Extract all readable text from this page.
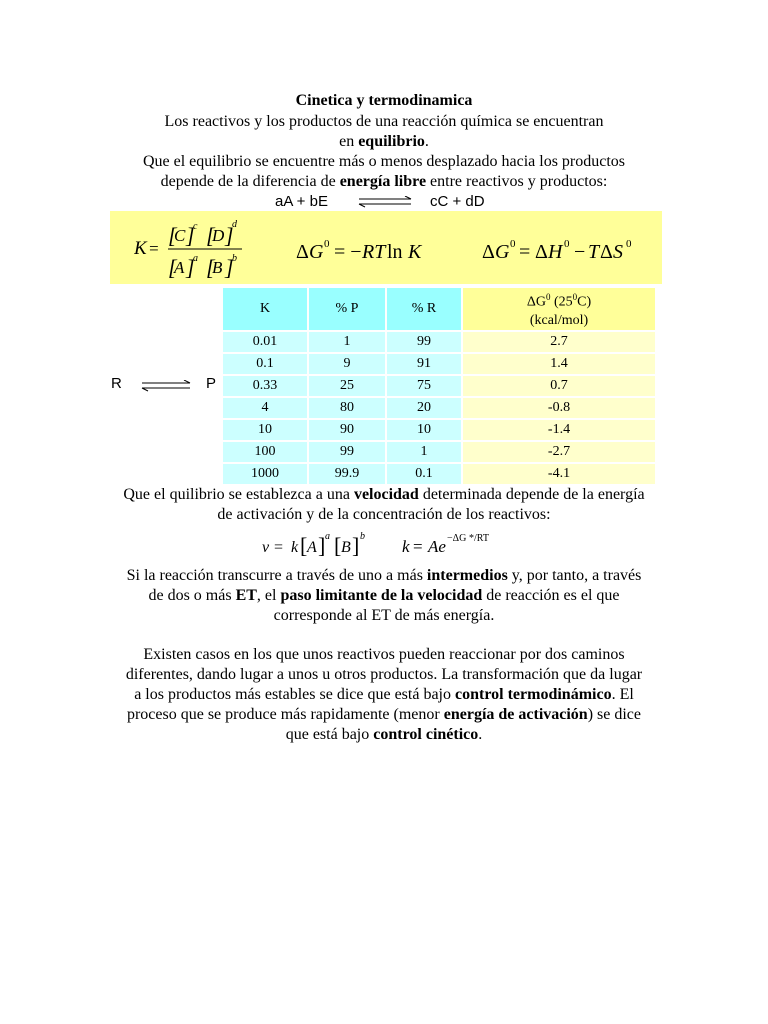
Cinetica y termodinamica

Los reactivos y los productos de una reacción química se encuentran

en equilibrio.

Que el equilibrio se encuentre más o menos desplazado hacia los productos

depende de la diferencia de energía libre entre reactivos y productos:

aA + bE ⇌ cC + dD
K =
[
C ]
c [
D ]
d
[
A ]
a [
B ]
b	Δ G 0 = − RT ln K	Δ G 0 = Δ H 0 − T Δ S 0
R ⇌ P
K	% P	% R	$\Delta G^0$ $(25^0C)$
(kcal/mol)

0.01	1	99	2.7
0.1	9	91	1.4
0.33	25	75	0.7
4	80	20	-0.8
10	90	10	-1.4
100	99	1	-2.7
1000	99.9	0.1	-4.1

Que el quilibrio se establezca a una velocidad determinada depende de la energía

de activación y de la concentración de los reactivos:

v = k [ A ] a [ B ] b
k = Ae −ΔG */RT

Si la reacción transcurre a través de uno a más intermedios y, por tanto, a través

de dos o más ET, el paso limitante de la velocidad de reacción es el que

corresponde al ET de más energía.

Existen casos en los que unos reactivos pueden reaccionar por dos caminos

diferentes, dando lugar a unos u otros productos. La transformación que da lugar

a los productos más estables se dice que está bajo control termodinámico. El

proceso que se produce más rapidamente (menor energía de activación) se dice

que está bajo control cinético.
